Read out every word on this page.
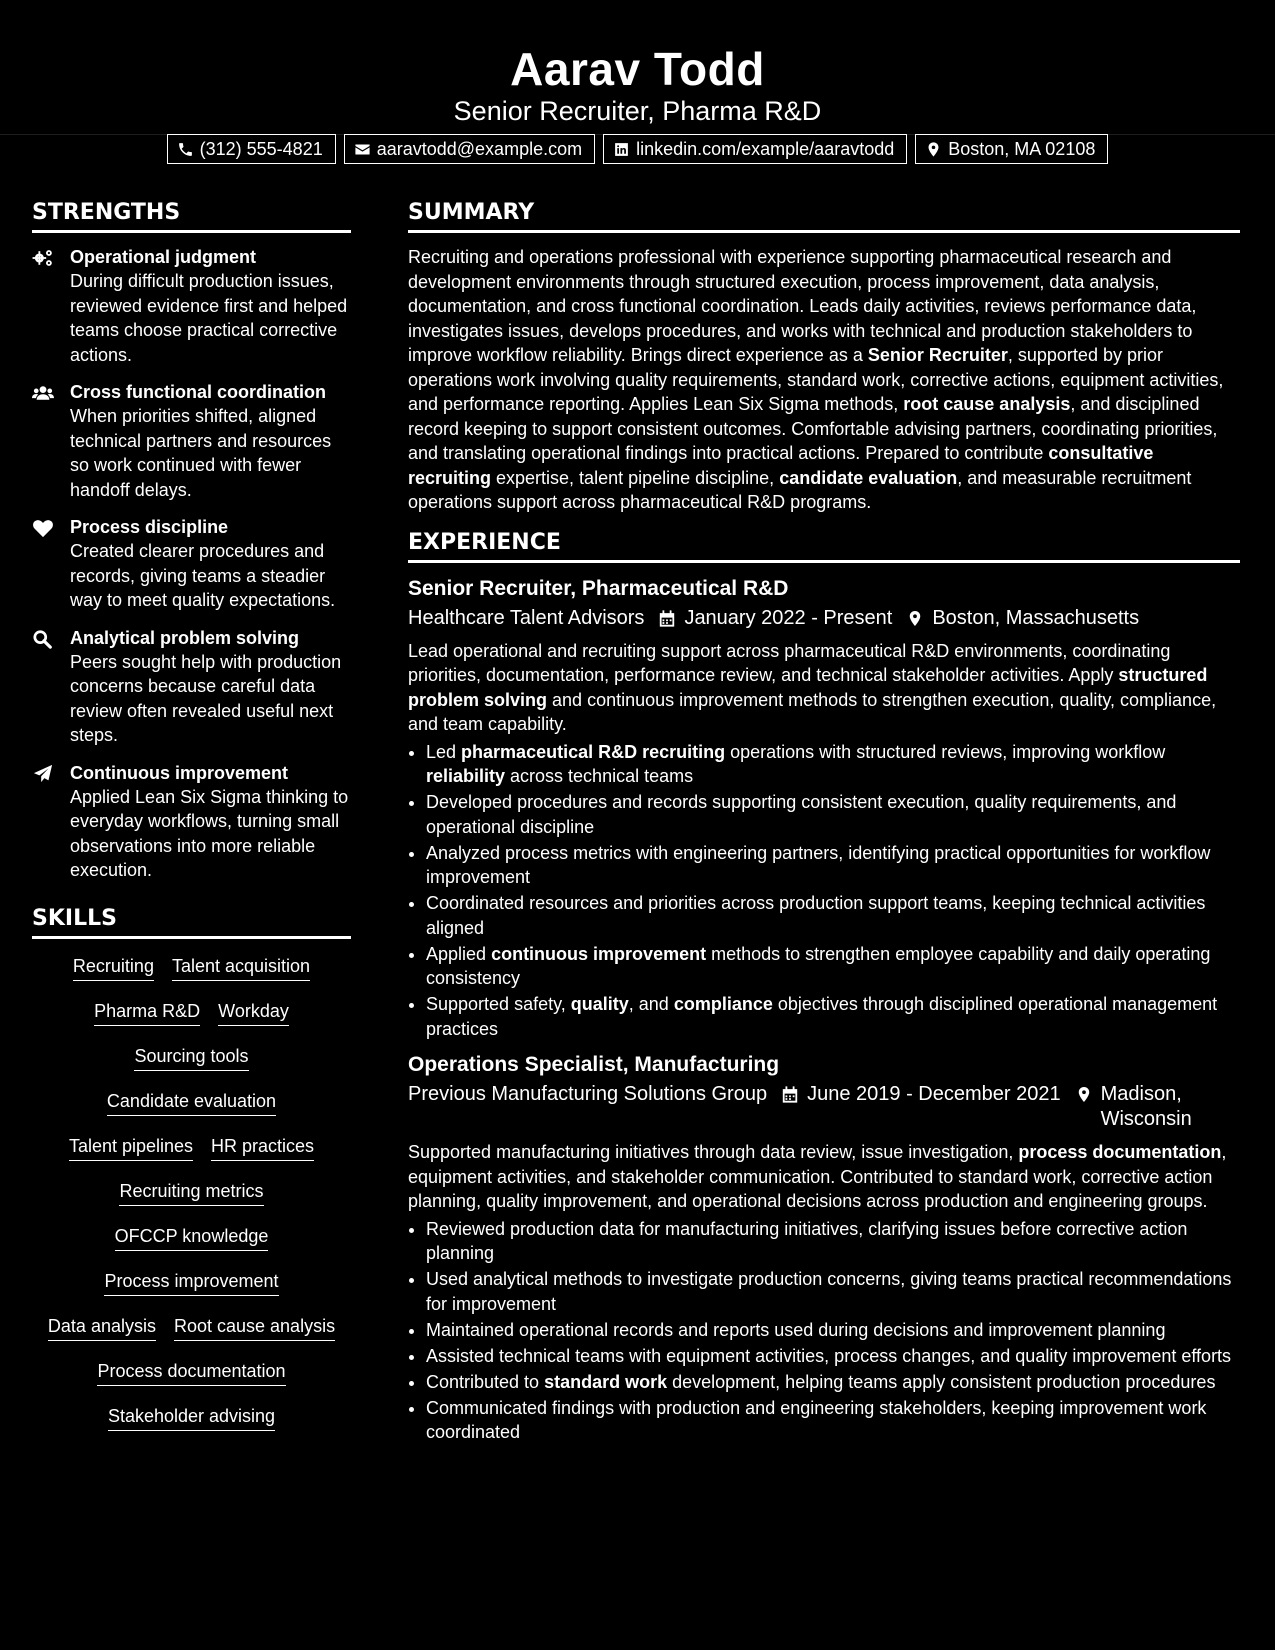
Aarav Todd
Senior Recruiter, Pharma R&D
(312) 555-4821	aaravtodd@example.com	linkedin.com/example/aaravtodd	Boston, MA 02108
STRENGTHS
Operational judgment
During difficult production issues, reviewed evidence first and helped teams choose practical corrective actions.
Cross functional coordination
When priorities shifted, aligned technical partners and resources so work continued with fewer handoff delays.
Process discipline
Created clearer procedures and records, giving teams a steadier way to meet quality expectations.
Analytical problem solving
Peers sought help with production concerns because careful data review often revealed useful next steps.
Continuous improvement
Applied Lean Six Sigma thinking to everyday workflows, turning small observations into more reliable execution.
SKILLS
Recruiting Talent acquisition
Pharma R&D Workday
Sourcing tools
Candidate evaluation
Talent pipelines HR practices
Recruiting metrics
OFCCP knowledge
Process improvement
Data analysis Root cause analysis
Process documentation
Stakeholder advising
SUMMARY
Recruiting and operations professional with experience supporting pharmaceutical research and development environments through structured execution, process improvement, data analysis, documentation, and cross functional coordination. Leads daily activities, reviews performance data, investigates issues, develops procedures, and works with technical and production stakeholders to improve workflow reliability. Brings direct experience as a Senior Recruiter, supported by prior operations work involving quality requirements, standard work, corrective actions, equipment activities, and performance reporting. Applies Lean Six Sigma methods, root cause analysis, and disciplined record keeping to support consistent outcomes. Comfortable advising partners, coordinating priorities, and translating operational findings into practical actions. Prepared to contribute consultative recruiting expertise, talent pipeline discipline, candidate evaluation, and measurable recruitment operations support across pharmaceutical R&D programs.
EXPERIENCE
Senior Recruiter, Pharmaceutical R&D
Healthcare Talent Advisors January 2022 - Present Boston, Massachusetts
Lead operational and recruiting support across pharmaceutical R&D environments, coordinating priorities, documentation, performance review, and technical stakeholder activities. Apply structured problem solving and continuous improvement methods to strengthen execution, quality, compliance, and team capability.
• Led pharmaceutical R&D recruiting operations with structured reviews, improving workflow reliability across technical teams
• Developed procedures and records supporting consistent execution, quality requirements, and operational discipline
• Analyzed process metrics with engineering partners, identifying practical opportunities for workflow improvement
• Coordinated resources and priorities across production support teams, keeping technical activities aligned
• Applied continuous improvement methods to strengthen employee capability and daily operating consistency
• Supported safety, quality, and compliance objectives through disciplined operational management practices
Operations Specialist, Manufacturing
Previous Manufacturing Solutions Group June 2019 - December 2021 Madison, Wisconsin
Supported manufacturing initiatives through data review, issue investigation, process documentation, equipment activities, and stakeholder communication. Contributed to standard work, corrective action planning, quality improvement, and operational decisions across production and engineering groups.
• Reviewed production data for manufacturing initiatives, clarifying issues before corrective action planning
• Used analytical methods to investigate production concerns, giving teams practical recommendations for improvement
• Maintained operational records and reports used during decisions and improvement planning
• Assisted technical teams with equipment activities, process changes, and quality improvement efforts
• Contributed to standard work development, helping teams apply consistent production procedures
• Communicated findings with production and engineering stakeholders, keeping improvement work coordinated
